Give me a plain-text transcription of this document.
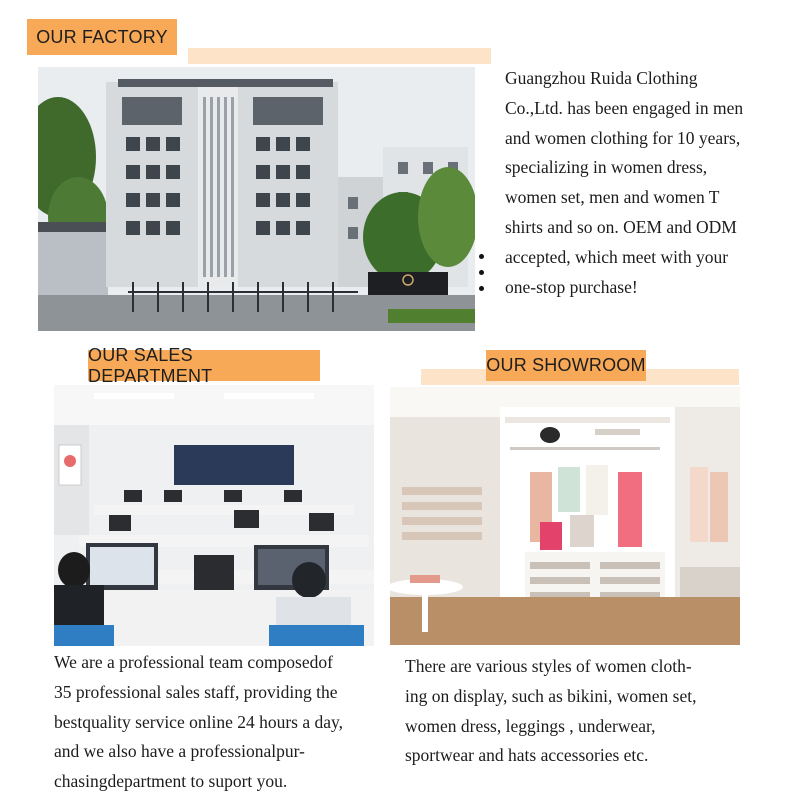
OUR FACTORY
Guangzhou Ruida Clothing
Co.,Ltd. has been engaged in men
and women clothing for 10 years,
specializing in women dress,
women set, men and women T
shirts and so on. OEM and ODM
accepted, which meet with your
one-stop purchase!
OUR SALES DEPARTMENT
We are a professional team composedof
35 professional sales staff, providing the
bestquality service online 24 hours a day,
and we also have a professionalpur-
chasingdepartment to suport you.
OUR SHOWROOM
There are various styles of women cloth-
ing on display, such as bikini, women set,
women dress, leggings , underwear,
sportwear and hats accessories etc.
